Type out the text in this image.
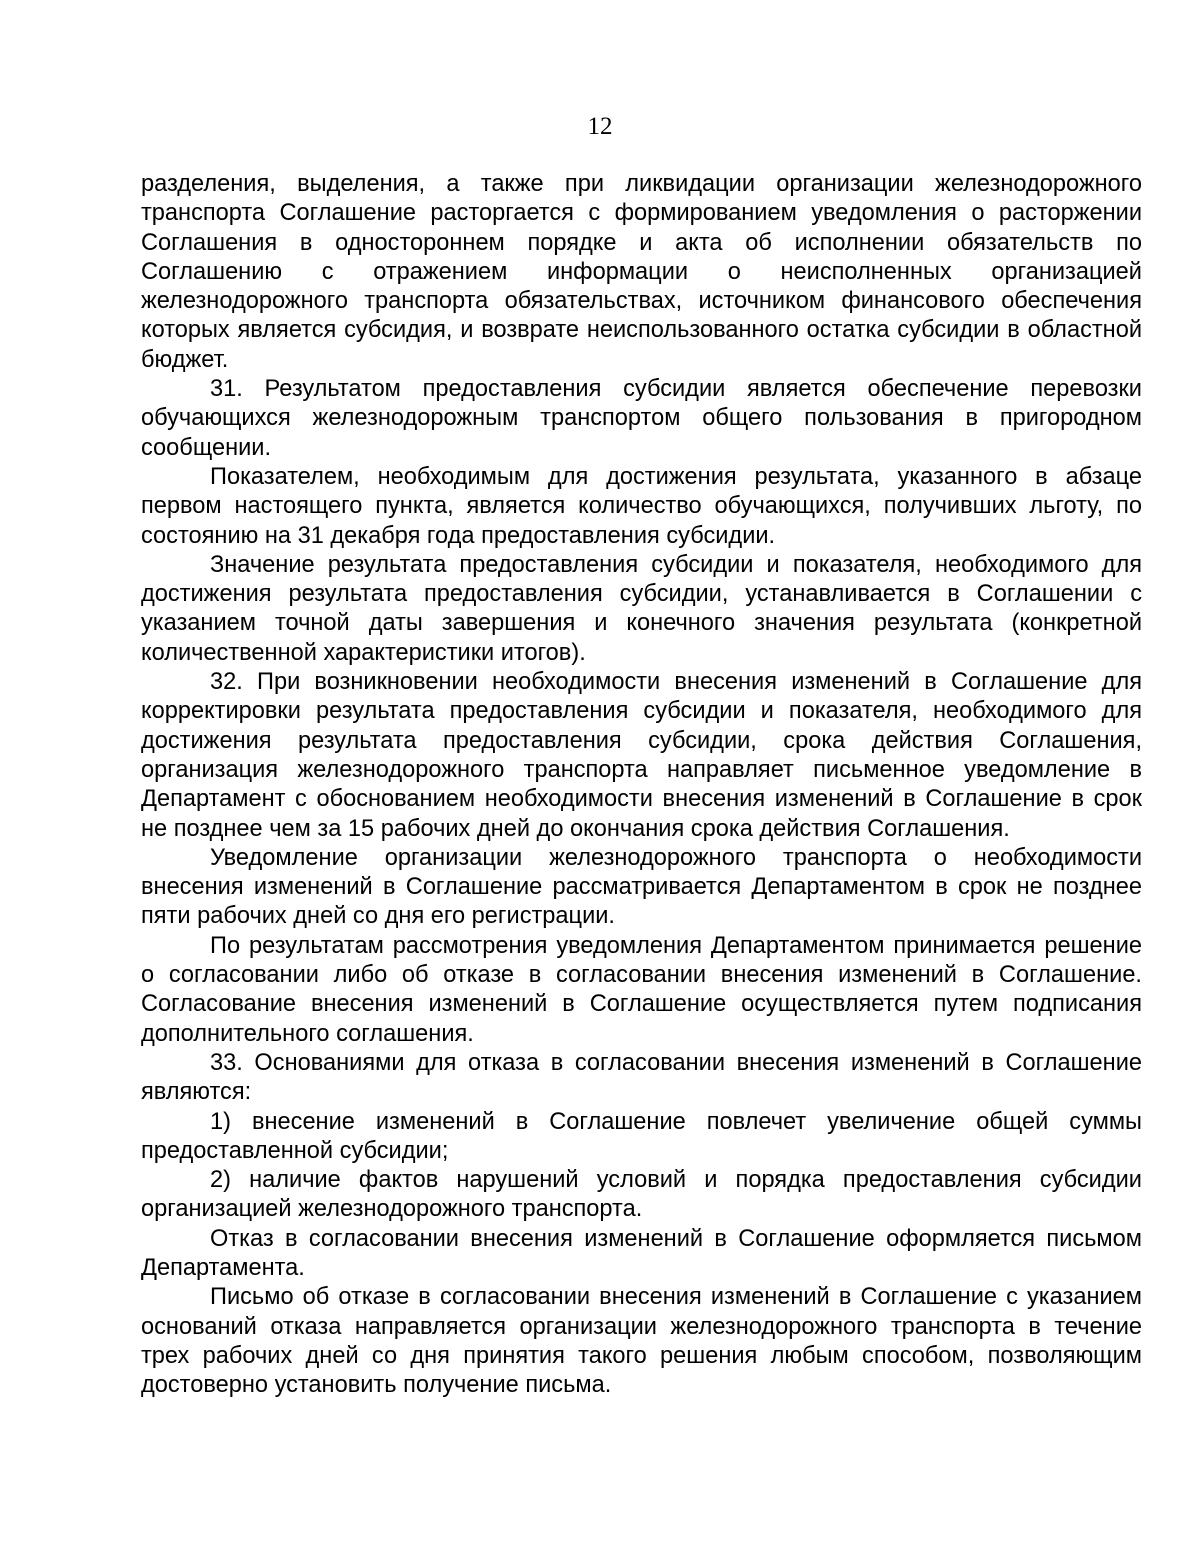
12

разделения, выделения, а также при ликвидации организации железнодорожного транспорта Соглашение расторгается с формированием уведомления о расторжении Соглашения в одностороннем порядке и акта об исполнении обязательств по Соглашению с отражением информации о неисполненных организацией железнодорожного транспорта обязательствах, источником финансового обеспечения которых является субсидия, и возврате неиспользованного остатка субсидии в областной бюджет.

31. Результатом предоставления субсидии является обеспечение перевозки обучающихся железнодорожным транспортом общего пользования в пригородном сообщении.

Показателем, необходимым для достижения результата, указанного в абзаце первом настоящего пункта, является количество обучающихся, получивших льготу, по состоянию на 31 декабря года предоставления субсидии.

Значение результата предоставления субсидии и показателя, необходимого для достижения результата предоставления субсидии, устанавливается в Соглашении с указанием точной даты завершения и конечного значения результата (конкретной количественной характеристики итогов).

32. При возникновении необходимости внесения изменений в Соглашение для корректировки результата предоставления субсидии и показателя, необходимого для достижения результата предоставления субсидии, срока действия Соглашения, организация железнодорожного транспорта направляет письменное уведомление в Департамент с обоснованием необходимости внесения изменений в Соглашение в срок не позднее чем за 15 рабочих дней до окончания срока действия Соглашения.

Уведомление организации железнодорожного транспорта о необходимости внесения изменений в Соглашение рассматривается Департаментом в срок не позднее пяти рабочих дней со дня его регистрации.

По результатам рассмотрения уведомления Департаментом принимается решение о согласовании либо об отказе в согласовании внесения изменений в Соглашение. Согласование внесения изменений в Соглашение осуществляется путем подписания дополнительного соглашения.

33. Основаниями для отказа в согласовании внесения изменений в Соглашение являются:

1) внесение изменений в Соглашение повлечет увеличение общей суммы предоставленной субсидии;

2) наличие фактов нарушений условий и порядка предоставления субсидии организацией железнодорожного транспорта.

Отказ в согласовании внесения изменений в Соглашение оформляется письмом Департамента.

Письмо об отказе в согласовании внесения изменений в Соглашение с указанием оснований отказа направляется организации железнодорожного транспорта в течение трех рабочих дней со дня принятия такого решения любым способом, позволяющим достоверно установить получение письма.
